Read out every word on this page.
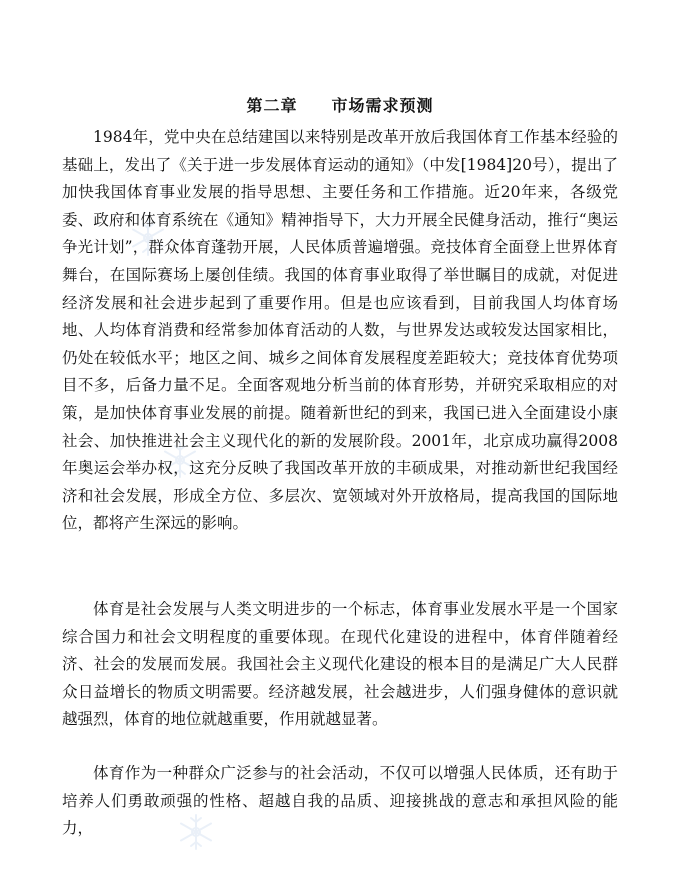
第二章　　市场需求预测

1984年，党中央在总结建国以来特别是改革开放后我国体育工作基本经验的基础上，发出了《关于进一步发展体育运动的通知》（中发[1984]20号），提出了加快我国体育事业发展的指导思想、主要任务和工作措施。近20年来，各级党委、政府和体育系统在《通知》精神指导下，大力开展全民健身活动，推行“奥运争光计划”，群众体育蓬勃开展，人民体质普遍增强。竞技体育全面登上世界体育舞台，在国际赛场上屡创佳绩。我国的体育事业取得了举世瞩目的成就，对促进经济发展和社会进步起到了重要作用。但是也应该看到，目前我国人均体育场地、人均体育消费和经常参加体育活动的人数，与世界发达或较发达国家相比，仍处在较低水平；地区之间、城乡之间体育发展程度差距较大；竞技体育优势项目不多，后备力量不足。全面客观地分析当前的体育形势，并研究采取相应的对策，是加快体育事业发展的前提。随着新世纪的到来，我国已进入全面建设小康社会、加快推进社会主义现代化的新的发展阶段。2001年，北京成功赢得2008年奥运会举办权，这充分反映了我国改革开放的丰硕成果，对推动新世纪我国经济和社会发展，形成全方位、多层次、宽领域对外开放格局，提高我国的国际地位，都将产生深远的影响。

体育是社会发展与人类文明进步的一个标志，体育事业发展水平是一个国家综合国力和社会文明程度的重要体现。在现代化建设的进程中，体育伴随着经济、社会的发展而发展。我国社会主义现代化建设的根本目的是满足广大人民群众日益增长的物质文明需要。经济越发展，社会越进步，人们强身健体的意识就越强烈，体育的地位就越重要，作用就越显著。

体育作为一种群众广泛参与的社会活动，不仅可以增强人民体质，还有助于培养人们勇敢顽强的性格、超越自我的品质、迎接挑战的意志和承担风险的能力，
